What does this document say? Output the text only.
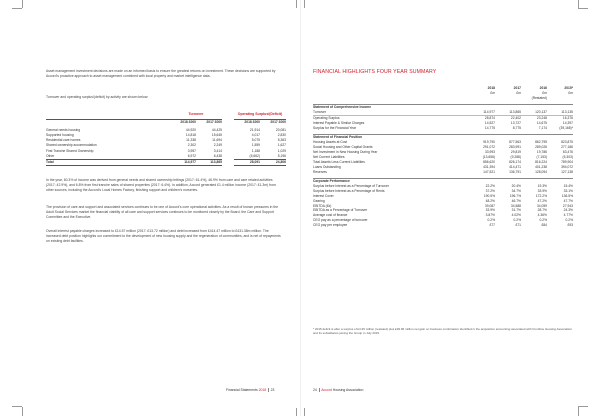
Asset management investment decisions are made on an informed basis to ensure the greatest returns on investment. These decisions are supported by Accord's proactive approach to asset management combined with local property and market intelligence data.

Turnover and operating surplus/(deficit) by activity are shown below:

	Turnover			Operating Surplus/(Deficit)	

	2018 £000	2017 £000		2018 £000	2017 £000

General needs housing	44,920	44,425		21,914	20,081
Supported housing	14,818	15,645		4,017	2,830
Residential care homes	11,338	11,694		5,075	5,363
Shared ownership accommodation	2,302	2,249		1,559	1,627
First Tranche Shared Ownership	3,957	3,414		1,188	1,029
Other	6,972	6,438		(5,662)	5,196
Total	114,977	113,865		28,091	24,806

In the year, 60.3% of income was derived from general needs and shared ownership lettings (2017: 61.4%), 46.9% from care and care related activities (2017: 42.9%), and 6.8% from first tranche sales of shared properties (2017: 6.4%). In addition, Accord generated £1.4 million income (2017: £1.3m) from other sources, including the Accord's Local Homes Factory, finishing support and children's nurseries.

The provision of care and support and associated services continues to be one of Accord's core operational activities. As a result of known pressures in the Adult Social Services market the financial viability of all care and support services continues to be monitored closely by the Board, the Care and Support Committee and the Executive.

Overall interest payable charges increased to £14.57 million (2017: £13.72 million) and debt increased from £414.47 million to £431.38m million. The increased debt position highlights our commitment to the development of new housing supply and the regeneration of communities, and is net of repayments on existing debt facilities.

Financial Statements 2018 23
FINANCIAL HIGHLIGHTS FOUR YEAR SUMMARY
	2018	2017	2016	2015*
	£m	£m	£m	£m
			(Restated)	

Statement of Comprehensive Income				
Turnover	114,977	113,865	120,137	113,135
Operating Surplus	28,874	22,402	23,248	16,376
Interest Payable & Similar Charges	14,527	13,727	14,675	14,397
Surplus for the Financial Year	14,775	8,775	7,174	(39,168)*

Statement of Financial Position				
Housing Assets at Cost	919,790	877,563	862,795	823,875
Social Housing and Other Capital Grants	291,072	283,991	289,026	277,186
Net Investment in New Housing During Year	33,993	29,819	19,786	63,476
Net Current Liabilities	(13,656)	(9,288)	(7,153)	(5,303)
Total Assets Less Current Liabilities	856,620	826,174	816,224	789,904
Loans Outstanding	431,394	414,471	401,238	394,072
Reserves	147,521	136,791	128,094	127,138

Corporate Performance				
Surplus before Interest as a Percentage of Turnover	22.2%	20.4%	19.3%	15.4%
Surplus before Interest as a Percentage of Rents	37.2%	34.7%	33.9%	33.1%
Interest Cover	190.5%	196.7%	172.2%	136.5%
Gearing	48.2%	46.7%	47.2%	47.7%
EBITDA (£k)	39,087	34,588	34,059	27,943
EBITDA as a Percentage of Turnover	33.9%	31.7%	28.7%	24.3%
Average cost of finance	3.87%	4.02%	4.36%	4.77%
CEO pay as a percentage of turnover	0.2%	0.2%	0.2%	0.2%
CEO pay per employee	£77	£71	£84	£93

* 2015 deficit is after a surplus of £4.35 million (restated) plus £39.96 million net gain on business combination identified in the acquisition accounting associated with Frontline Housing Association and its subsidiaries joining the Group in July 2015.

24 Accord Housing Association
